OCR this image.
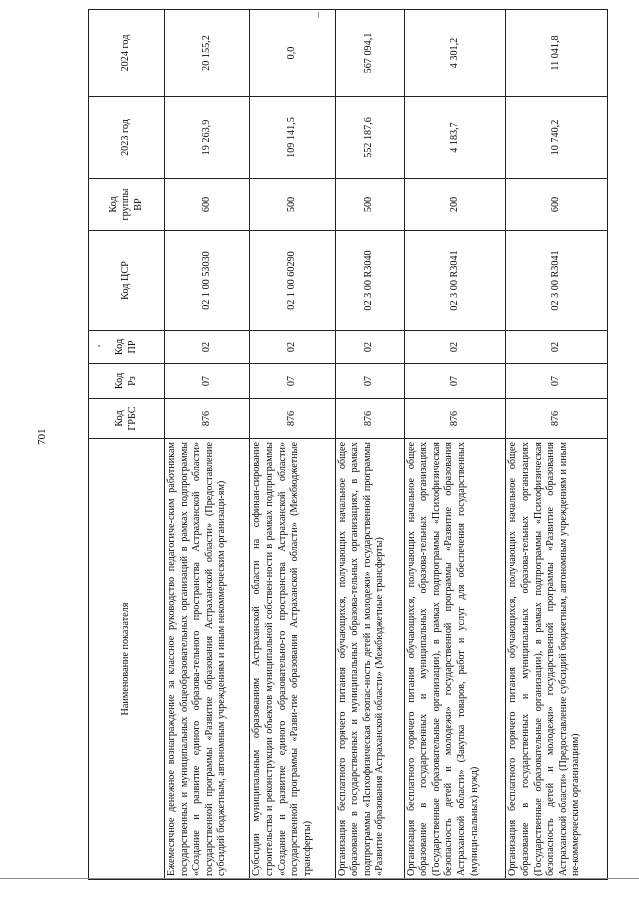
701
Наименование показателя	Код ГРБС	Код Рз	Код ПР	Код ЦСР	Код группы ВР	2023 год	2024 год
Ежемесячное денежное вознаграждение за классное руководство педагогиче-ским работникам государственных и муниципальных общеобразовательных организаций в рамках подпрограммы «Создание и развитие единого образова-тельного пространства Астраханской области» государственной программы «Развитие образования Астраханской области» (Предоставление субсидий бюджетным, автономным учреждениям и иным некоммерческим организаци-ям)	876	07	02	02 1 00 53030	600	19 263,9	20 155,2
Субсидии муниципальным образованиям Астраханской области на софинан-сирование строительства и реконструкции объектов муниципальной собствен-ности в рамках подпрограммы «Создание и развитие единого образовательно-го пространства Астраханской области» государственной программы «Разви-тие образования Астраханской области» (Межбюджетные трансферты)	876	07	02	02 1 00 60290	500	109 141,5	0,0
Организация бесплатного горячего питания обучающихся, получающих начальное общее образование в государственных и муниципальных образова-тельных организациях, в рамках подпрограммы «Психофизическая безопас-ность детей и молодежи» государственной программы «Развитие образования Астраханской области» (Межбюджетные трансферты)	876	07	02	02 3 00 R3040	500	552 187,6	567 094,1
Организация бесплатного горячего питания обучающихся, получающих начальное общее образование в государственных и муниципальных образова-тельных организациях (Государственные образовательные организации), в рамках подпрограммы «Психофизическая безопасность детей и молодежи» государственной программы «Развитие образования Астраханской области» (Закупка товаров, работ и услуг для обеспечения государственных (муници-пальных) нужд)	876	07	02	02 3 00 R3041	200	4 183,7	4 301,2
Организация бесплатного горячего питания обучающихся, получающих начальное общее образование в государственных и муниципальных образова-тельных организациях (Государственные образовательные организации), в рамках подпрограммы «Психофизическая безопасность детей и молодежи» государственной программы «Развитие образования Астраханской области» (Предоставление субсидий бюджетным, автономным учреждениям и иным не-коммерческим организациям)	876	07	02	02 3 00 R3041	600	10 740,2	11 041,8
